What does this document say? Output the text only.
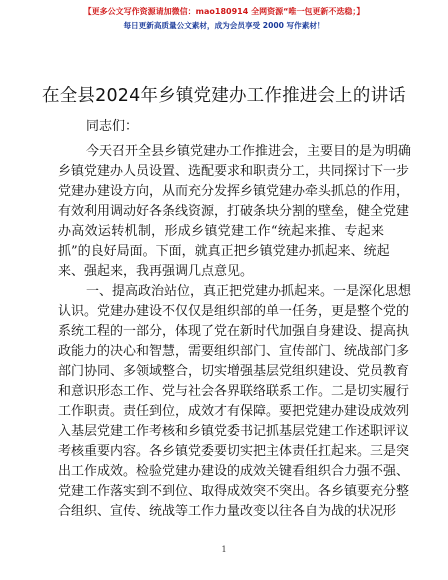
【更多公文写作资源请加微信：mao180914 全网资源“唯一包更新不迭稳；】
每日更新高质量公文素材，成为会员享受 2000 写作素材！
在全县2024年乡镇党建办工作推进会上的讲话
同志们：
今天召开全县乡镇党建办工作推进会，主要目的是为明确
乡镇党建办人员设置、选配要求和职责分工，共同探讨下一步
党建办建设方向，从而充分发挥乡镇党建办牵头抓总的作用，
有效利用调动好各条线资源，打破条块分割的壁垒，健全党建
办高效运转机制，形成乡镇党建工作“统起来推、专起来
抓”的良好局面。下面，就真正把乡镇党建办抓起来、统起
来、强起来，我再强调几点意见。
一、提高政治站位，真正把党建办抓起来。一是深化思想
认识。党建办建设不仅仅是组织部的单一任务，更是整个党的
系统工程的一部分，体现了党在新时代加强自身建设、提高执
政能力的决心和智慧，需要组织部门、宣传部门、统战部门多
部门协同、多领域整合，切实增强基层党组织建设、党员教育
和意识形态工作、党与社会各界联络联系工作。二是切实履行
工作职责。责任到位，成效才有保障。要把党建办建设成效列
入基层党建工作考核和乡镇党委书记抓基层党建工作述职评议
考核重要内容。各乡镇党委要切实把主体责任扛起来。三是突
出工作成效。检验党建办建设的成效关键看组织合力强不强、
党建工作落实到不到位、取得成效突不突出。各乡镇要充分整
合组织、宣传、统战等工作力量改变以往各自为战的状况形
1
